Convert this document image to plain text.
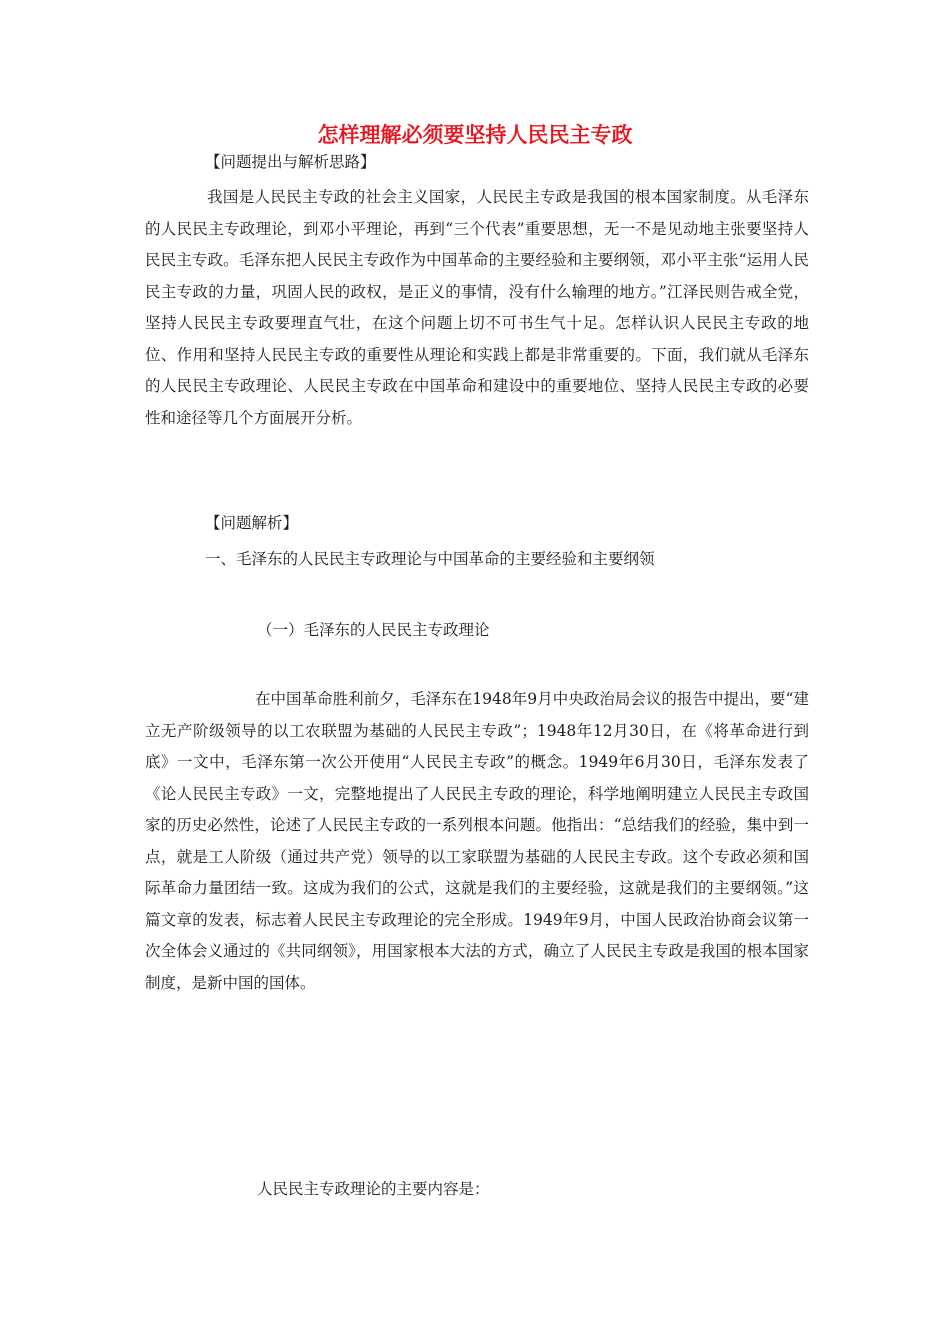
怎样理解必须要坚持人民民主专政

【问题提出与解析思路】

我国是人民民主专政的社会主义国家，人民民主专政是我国的根本国家制度。从毛泽东的人民民主专政理论，到邓小平理论，再到“三个代表”重要思想，无一不是见动地主张要坚持人民民主专政。毛泽东把人民民主专政作为中国革命的主要经验和主要纲领，邓小平主张“运用人民民主专政的力量，巩固人民的政权，是正义的事情，没有什么输理的地方。”江泽民则告戒全党，坚持人民民主专政要理直气壮，在这个问题上切不可书生气十足。怎样认识人民民主专政的地位、作用和坚持人民民主专政的重要性从理论和实践上都是非常重要的。下面，我们就从毛泽东的人民民主专政理论、人民民主专政在中国革命和建设中的重要地位、坚持人民民主专政的必要性和途径等几个方面展开分析。

【问题解析】

一、毛泽东的人民民主专政理论与中国革命的主要经验和主要纲领

（一）毛泽东的人民民主专政理论

在中国革命胜利前夕，毛泽东在1948年9月中央政治局会议的报告中提出，要“建立无产阶级领导的以工农联盟为基础的人民民主专政”；1948年12月30日，在《将革命进行到底》一文中，毛泽东第一次公开使用“人民民主专政”的概念。1949年6月30日，毛泽东发表了《论人民民主专政》一文，完整地提出了人民民主专政的理论，科学地阐明建立人民民主专政国家的历史必然性，论述了人民民主专政的一系列根本问题。他指出：“总结我们的经验，集中到一点，就是工人阶级（通过共产党）领导的以工家联盟为基础的人民民主专政。这个专政必须和国际革命力量团结一致。这成为我们的公式，这就是我们的主要经验，这就是我们的主要纲领。”这篇文章的发表，标志着人民民主专政理论的完全形成。1949年9月，中国人民政治协商会议第一次全体会义通过的《共同纲领》，用国家根本大法的方式，确立了人民民主专政是我国的根本国家制度，是新中国的国体。

人民民主专政理论的主要内容是：
